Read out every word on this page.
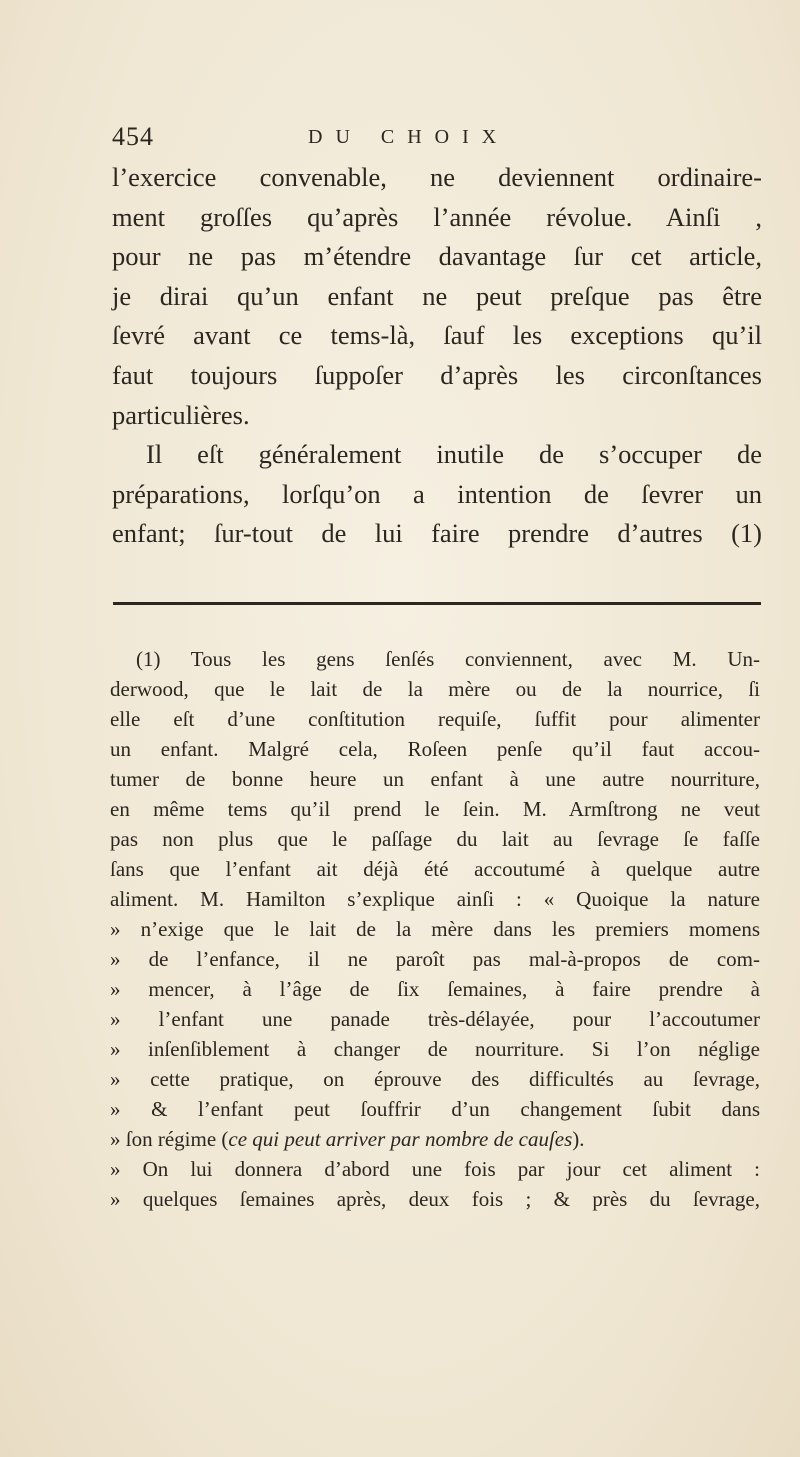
454	DU CHOIX
l’exercice convenable, ne deviennent ordinaire-
ment groſſes qu’après l’année révolue. Ainſi ,
pour ne pas m’étendre davantage ſur cet article,
je dirai qu’un enfant ne peut preſque pas être
ſevré avant ce tems-là, ſauf les exceptions qu’il
faut toujours ſuppoſer d’après les circonſtances
particulières.
Il eſt généralement inutile de s’occuper de
préparations, lorſqu’on a intention de ſevrer un
enfant; ſur-tout de lui faire prendre d’autres (1)
(1) Tous les gens ſenſés conviennent, avec M. Un-
derwood, que le lait de la mère ou de la nourrice, ſi
elle eſt d’une conſtitution requiſe, ſuffit pour alimenter
un enfant. Malgré cela, Roſeen penſe qu’il faut accou-
tumer de bonne heure un enfant à une autre nourriture,
en même tems qu’il prend le ſein. M. Armſtrong ne veut
pas non plus que le paſſage du lait au ſevrage ſe faſſe
ſans que l’enfant ait déjà été accoutumé à quelque autre
aliment. M. Hamilton s’explique ainſi : « Quoique la nature
» n’exige que le lait de la mère dans les premiers momens
» de l’enfance, il ne paroît pas mal-à-propos de com-
» mencer, à l’âge de ſix ſemaines, à faire prendre à
» l’enfant une panade très-délayée, pour l’accoutumer
» inſenſiblement à changer de nourriture. Si l’on néglige
» cette pratique, on éprouve des difficultés au ſevrage,
» & l’enfant peut ſouffrir d’un changement ſubit dans
» ſon régime (ce qui peut arriver par nombre de cauſes).
» On lui donnera d’abord une fois par jour cet aliment :
» quelques ſemaines après, deux fois ; & près du ſevrage,
